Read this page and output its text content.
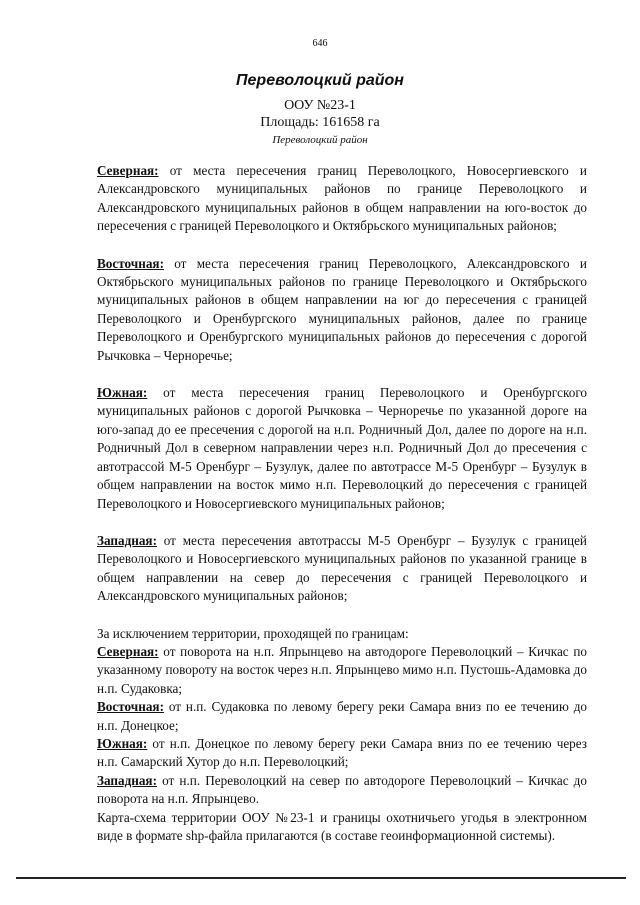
646
Переволоцкий район
ООУ №23-1
Площадь: 161658 га
Переволоцкий район

Северная: от места пересечения границ Переволоцкого, Новосергиевского и Александровского муниципальных районов по границе Переволоцкого и Александровского муниципальных районов в общем направлении на юго-восток до пересечения с границей Переволоцкого и Октябрьского муниципальных районов;

Восточная: от места пересечения границ Переволоцкого, Александровского и Октябрьского муниципальных районов по границе Переволоцкого и Октябрьского муниципальных районов в общем направлении на юг до пересечения с границей Переволоцкого и Оренбургского муниципальных районов, далее по границе Переволоцкого и Оренбургского муниципальных районов до пересечения с дорогой Рычковка – Черноречье;

Южная: от места пересечения границ Переволоцкого и Оренбургского муниципальных районов с дорогой Рычковка – Черноречье по указанной дороге на юго-запад до ее пресечения с дорогой на н.п. Родничный Дол, далее по дороге на н.п. Родничный Дол в северном направлении через н.п. Родничный Дол до пресечения с автотрассой М-5 Оренбург – Бузулук, далее по автотрассе М-5 Оренбург – Бузулук в общем направлении на восток мимо н.п. Переволоцкий до пересечения с границей Переволоцкого и Новосергиевского муниципальных районов;

Западная: от места пересечения автотрассы М-5 Оренбург – Бузулук с границей Переволоцкого и Новосергиевского муниципальных районов по указанной границе в общем направлении на север до пересечения с границей Переволоцкого и Александровского муниципальных районов;

За исключением территории, проходящей по границам:

Северная: от поворота на н.п. Япрынцево на автодороге Переволоцкий – Кичкас по указанному повороту на восток через н.п. Япрынцево мимо н.п. Пустошь-Адамовка до н.п. Судаковка;

Восточная: от н.п. Судаковка по левому берегу реки Самара вниз по ее течению до н.п. Донецкое;

Южная: от н.п. Донецкое по левому берегу реки Самара вниз по ее течению через н.п. Самарский Хутор до н.п. Переволоцкий;

Западная: от н.п. Переволоцкий на север по автодороге Переволоцкий – Кичкас до поворота на н.п. Япрынцево.

Карта-схема территории ООУ №23-1 и границы охотничьего угодья в электронном виде в формате shp-файла прилагаются (в составе геоинформационной системы).
